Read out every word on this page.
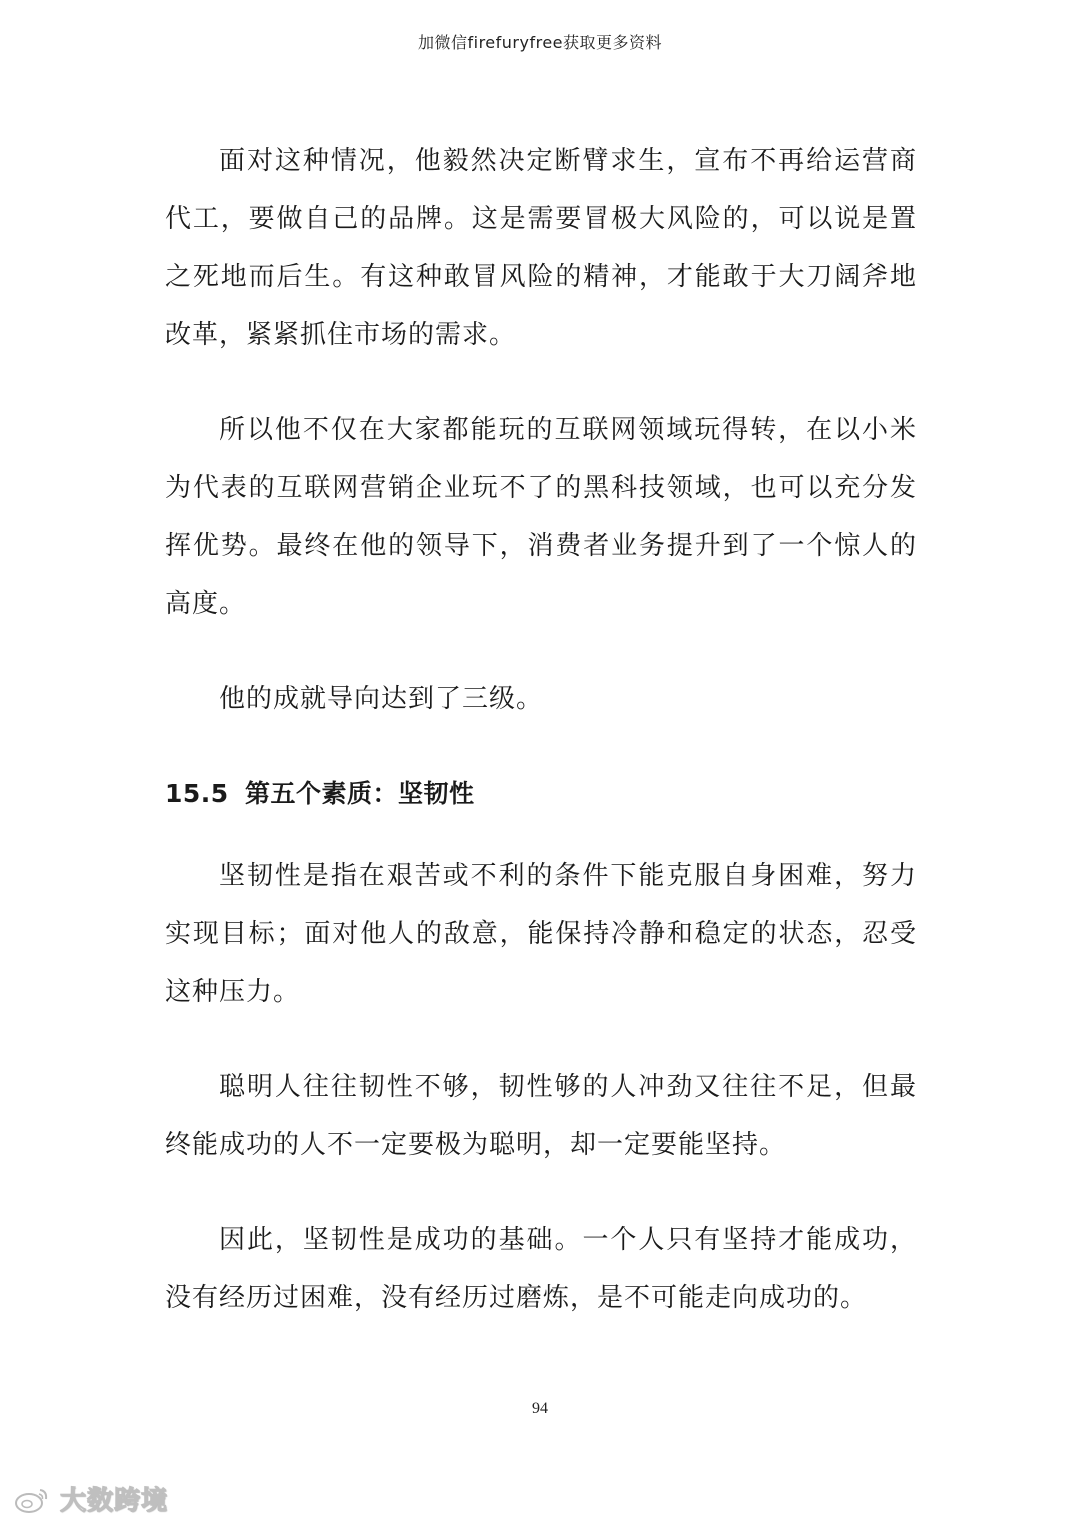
加微信firefuryfree获取更多资料

面对这种情况，他毅然决定断臂求生，宣布不再给运营商代工，要做自己的品牌。这是需要冒极大风险的，可以说是置之死地而后生。有这种敢冒风险的精神，才能敢于大刀阔斧地改革，紧紧抓住市场的需求。

所以他不仅在大家都能玩的互联网领域玩得转，在以小米为代表的互联网营销企业玩不了的黑科技领域，也可以充分发挥优势。最终在他的领导下，消费者业务提升到了一个惊人的高度。

他的成就导向达到了三级。

15.5 第五个素质：坚韧性

坚韧性是指在艰苦或不利的条件下能克服自身困难，努力实现目标；面对他人的敌意，能保持冷静和稳定的状态，忍受这种压力。

聪明人往往韧性不够，韧性够的人冲劲又往往不足，但最终能成功的人不一定要极为聪明，却一定要能坚持。

因此，坚韧性是成功的基础。一个人只有坚持才能成功，没有经历过困难，没有经历过磨炼，是不可能走向成功的。

94
大数跨境
